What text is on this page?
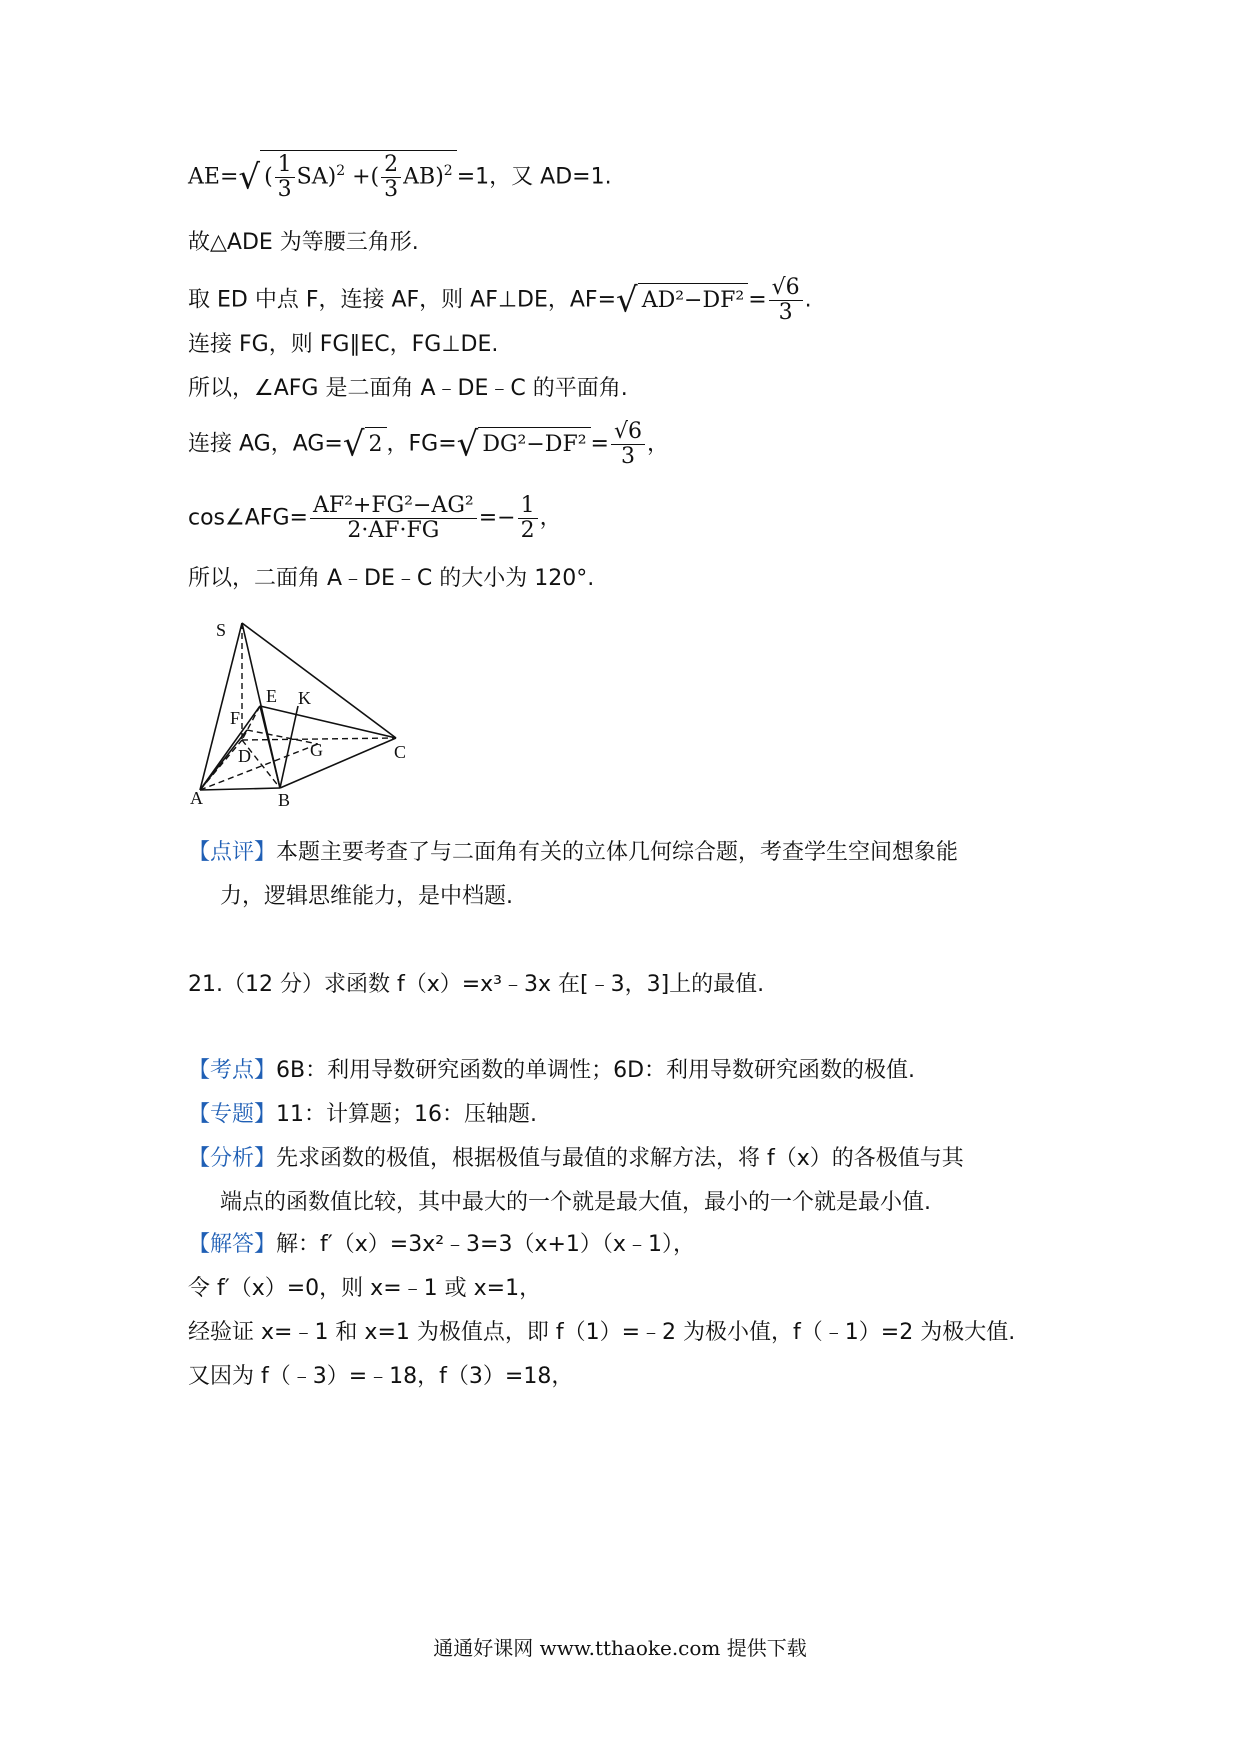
AE=√ ( $\frac{1}{3} SA)^2$ +( $\frac{2}{3} AB)^2 =1$，又 AD=1.
故△ADE 为等腰三角形.
取 ED 中点 F，连接 AF，则 AF⊥DE，AF=√ $AD^2-DF^2 = \frac{√6}{3}$ .
连接 FG，则 FG∥EC，FG⊥DE.
所以，∠AFG 是二面角 A﹣DE﹣C 的平面角.
连接 AG，AG=√ 2 ，FG=√ $DG^2-DF^2 = \frac{√6}{3}$ ，
cos∠AFG= $\frac{\text{AF²+FG²−AG²}}{2\cdot AF\cdot FG} =- \frac{1}{2}$ ，
所以，二面角 A﹣DE﹣C 的大小为 120°.
S
E K
F
D	G	C
A	B
【点评】本题主要考查了与二面角有关的立体几何综合题，考查学生空间想象能
力，逻辑思维能力，是中档题.
21.（12 分）求函数 f（x）=x³﹣3x 在[﹣3，3]上的最值.
【考点】6B：利用导数研究函数的单调性；6D：利用导数研究函数的极值.
【专题】11：计算题；16：压轴题.
【分析】先求函数的极值，根据极值与最值的求解方法，将 f（x）的各极值与其
端点的函数值比较，其中最大的一个就是最大值，最小的一个就是最小值.
【解答】解：f′（x）=3x²﹣3=3（x+1）（x﹣1），
令 f′（x）=0，则 x=﹣1 或 x=1，
经验证 x=﹣1 和 x=1 为极值点，即 f（1）=﹣2 为极小值，f（﹣1）=2 为极大值.
又因为 f（﹣3）=﹣18，f（3）=18，
通通好课网 www.tthaoke.com 提供下载
